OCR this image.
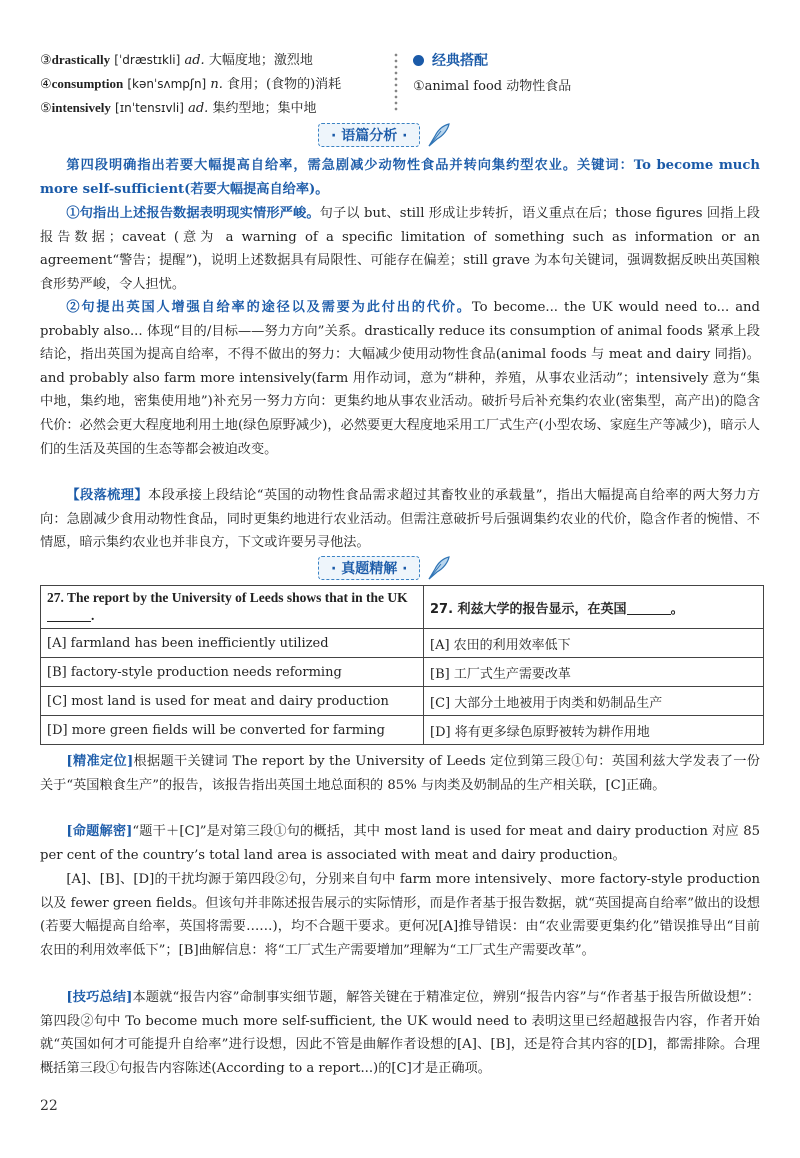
③drastically [ˈdræstɪkli] ad. 大幅度地；激烈地
④consumption [kənˈsʌmpʃn] n. 食用；(食物的)消耗
⑤intensively [ɪnˈtensɪvli] ad. 集约型地；集中地
经典搭配
①animal food 动物性食品
· 语篇分析 ·
第四段明确指出若要大幅提高自给率，需急剧减少动物性食品并转向集约型农业。关键词：To become much more self-sufficient(若要大幅提高自给率)。
①句指出上述报告数据表明现实情形严峻。句子以 but、still 形成让步转折，语义重点在后；those figures 回指上段报告数据；caveat (意为 a warning of a specific limitation of something such as information or an agreement“警告；提醒”)，说明上述数据具有局限性、可能存在偏差；still grave 为本句关键词，强调数据反映出英国粮食形势严峻，令人担忧。
②句提出英国人增强自给率的途径以及需要为此付出的代价。To become... the UK would need to... and probably also... 体现“目的/目标——努力方向”关系。drastically reduce its consumption of animal foods 紧承上段结论，指出英国为提高自给率，不得不做出的努力：大幅减少使用动物性食品(animal foods 与 meat and dairy 同指)。and probably also farm more intensively(farm 用作动词，意为“耕种，养殖，从事农业活动”；intensively 意为“集中地，集约地，密集使用地”)补充另一努力方向：更集约地从事农业活动。破折号后补充集约农业(密集型，高产出)的隐含代价：必然会更大程度地利用土地(绿色原野减少)，必然要更大程度地采用工厂式生产(小型农场、家庭生产等减少)，暗示人们的生活及英国的生态等都会被迫改变。
【段落梳理】本段承接上段结论“英国的动物性食品需求超过其畜牧业的承载量”，指出大幅提高自给率的两大努力方向：急剧减少食用动物性食品，同时更集约地进行农业活动。但需注意破折号后强调集约农业的代价，隐含作者的惋惜、不情愿，暗示集约农业也并非良方，下文或许要另寻他法。
· 真题精解 ·
27. The report by the University of Leeds shows that in the UK .	27. 利兹大学的报告显示，在英国 。
[A] farmland has been inefficiently utilized	[A] 农田的利用效率低下
[B] factory-style production needs reforming	[B] 工厂式生产需要改革
[C] most land is used for meat and dairy production	[C] 大部分土地被用于肉类和奶制品生产
[D] more green fields will be converted for farming	[D] 将有更多绿色原野被转为耕作用地
[精准定位]根据题干关键词 The report by the University of Leeds 定位到第三段①句：英国利兹大学发表了一份关于“英国粮食生产”的报告，该报告指出英国土地总面积的 85% 与肉类及奶制品的生产相关联，[C]正确。
[命题解密]“题干＋[C]”是对第三段①句的概括，其中 most land is used for meat and dairy production 对应 85 per cent of the country’s total land area is associated with meat and dairy production。
[A]、[B]、[D]的干扰均源于第四段②句，分别来自句中 farm more intensively、more factory-style production 以及 fewer green fields。但该句并非陈述报告展示的实际情形，而是作者基于报告数据，就“英国提高自给率”做出的设想(若要大幅提高自给率，英国将需要……)，均不合题干要求。更何况[A]推导错误：由“农业需要更集约化”错误推导出“目前农田的利用效率低下”；[B]曲解信息：将“工厂式生产需要增加”理解为“工厂式生产需要改革”。
[技巧总结]本题就“报告内容”命制事实细节题，解答关键在于精准定位，辨别“报告内容”与“作者基于报告所做设想”：第四段②句中 To become much more self-sufficient, the UK would need to 表明这里已经超越报告内容，作者开始就“英国如何才可能提升自给率”进行设想，因此不管是曲解作者设想的[A]、[B]，还是符合其内容的[D]，都需排除。合理概括第三段①句报告内容陈述(According to a report...)的[C]才是正确项。
22
